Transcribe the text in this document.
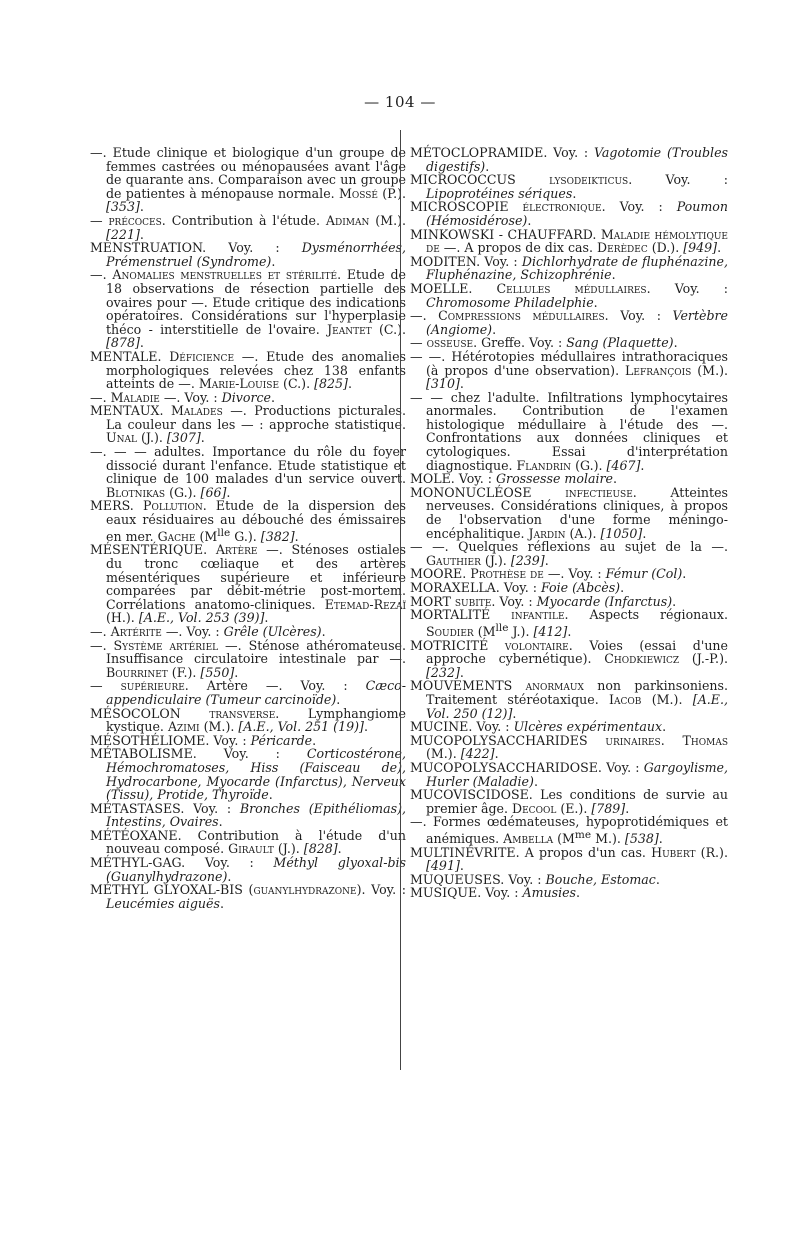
— 104 —

—. Etude clinique et biologique d'un groupe de femmes castrées ou ménopausées avant l'âge de quarante ans. Comparaison avec un groupe de patientes à ménopause normale. Mossé (P.). [353].

— précoces. Contribution à l'étude. Adiman (M.). [221].

MENSTRUATION. Voy. : Dysménorrhées, Prémenstruel (Syndrome).

—. Anomalies menstruelles et stérilité. Etude de 18 observations de résection partielle des ovaires pour —. Etude critique des indications opératoires. Considérations sur l'hyperplasie théco - interstitielle de l'ovaire. Jeantet (C.). [878].

MENTALE. Déficience —. Etude des anomalies morphologiques relevées chez 138 enfants atteints de —. Marie-Louise (C.). [825].

—. Maladie —. Voy. : Divorce.

MENTAUX. Malades —. Productions picturales. La couleur dans les — : approche statistique. Unal (J.). [307].

—. — — adultes. Importance du rôle du foyer dissocié durant l'enfance. Etude statistique et clinique de 100 malades d'un service ouvert. Blotnikas (G.). [66].

MERS. Pollution. Etude de la dispersion des eaux résiduaires au débouché des émissaires en mer. Gache ($M^{lle}$ G.). [382].

MÉSENTÉRIQUE. Artère —. Sténoses ostiales du tronc cœliaque et des artères mésentériques supérieure et inférieure comparées par débit-métrie post-mortem. Corrélations anatomo-cliniques. Etemad-Rezaï (H.). [A.E., Vol. 253 (39)].

—. Artérite —. Voy. : Grêle (Ulcères).

—. Système artériel —. Sténose athéromateuse. Insuffisance circulatoire intestinale par —. Bourrinet (F.). [550].

— supérieure. Artère —. Voy. : Cæco-appendiculaire (Tumeur carcinoïde).

MÉSOCOLON transverse. Lymphangiome kystique. Azimi (M.). [A.E., Vol. 251 (19)].

MÉSOTHÉLIOME. Voy. : Péricarde.

MÉTABOLISME. Voy. : Corticostérone, Hémochromatoses, Hiss (Faisceau de), Hydrocarbone, Myocarde (Infarctus), Nerveux (Tissu), Protide, Thyroïde.

MÉTASTASES. Voy. : Bronches (Epithéliomas), Intestins, Ovaires.

MÉTÉOXANE. Contribution à l'étude d'un nouveau composé. Girault (J.). [828].

MÉTHYL-GAG. Voy. : Méthyl glyoxal-bis (Guanylhydrazone).

MÉTHYL GLYOXAL-BIS (guanylhydrazone). Voy. : Leucémies aiguës.

MÉTOCLOPRAMIDE. Voy. : Vagotomie (Troubles digestifs).

MICROCOCCUS lysodeikticus. Voy. : Lipoprotéines sériques.

MICROSCOPIE électronique. Voy. : Poumon (Hémosidérose).

MINKOWSKI - CHAUFFARD. Maladie hémolytique de —. A propos de dix cas. Derèdec (D.). [949].

MODITEN. Voy. : Dichlorhydrate de fluphénazine, Fluphénazine, Schizophrénie.

MOELLE. Cellules médullaires. Voy. : Chromosome Philadelphie.

—. Compressions médullaires. Voy. : Vertèbre (Angiome).

— osseuse. Greffe. Voy. : Sang (Plaquette).

— —. Hétérotopies médullaires intrathoraciques (à propos d'une observation). Lefrançois (M.). [310].

— — chez l'adulte. Infiltrations lymphocytaires anormales. Contribution de l'examen histologique médullaire à l'étude des —. Confrontations aux données cliniques et cytologiques. Essai d'interprétation diagnostique. Flandrin (G.). [467].

MOLE. Voy. : Grossesse molaire.

MONONUCLÉOSE infectieuse. Atteintes nerveuses. Considérations cliniques, à propos de l'observation d'une forme méningo-encéphalitique. Jardin (A.). [1050].

— —. Quelques réflexions au sujet de la —. Gauthier (J.). [239].

MOORE. Prothèse de —. Voy. : Fémur (Col).

MORAXELLA. Voy. : Foie (Abcès).

MORT subite. Voy. : Myocarde (Infarctus).

MORTALITÉ infantile. Aspects régionaux. Soudier ($M^{lle}$ J.). [412].

MOTRICITÉ volontaire. Voies (essai d'une approche cybernétique). Chodkiewicz (J.-P.). [232].

MOUVEMENTS anormaux non parkinsoniens. Traitement stéréotaxique. Iacob (M.). [A.E., Vol. 250 (12)].

MUCINE. Voy. : Ulcères expérimentaux.

MUCOPOLYSACCHARIDES urinaires. Thomas (M.). [422].

MUCOPOLYSACCHARIDOSE. Voy. : Gargoylisme, Hurler (Maladie).

MUCOVISCIDOSE. Les conditions de survie au premier âge. Decool (E.). [789].

—. Formes œdémateuses, hypoprotidémiques et anémiques. Ambella ($M^{me}$ M.). [538].

MULTINÉVRITE. A propos d'un cas. Hubert (R.). [491].

MUQUEUSES. Voy. : Bouche, Estomac.

MUSIQUE. Voy. : Amusies.
